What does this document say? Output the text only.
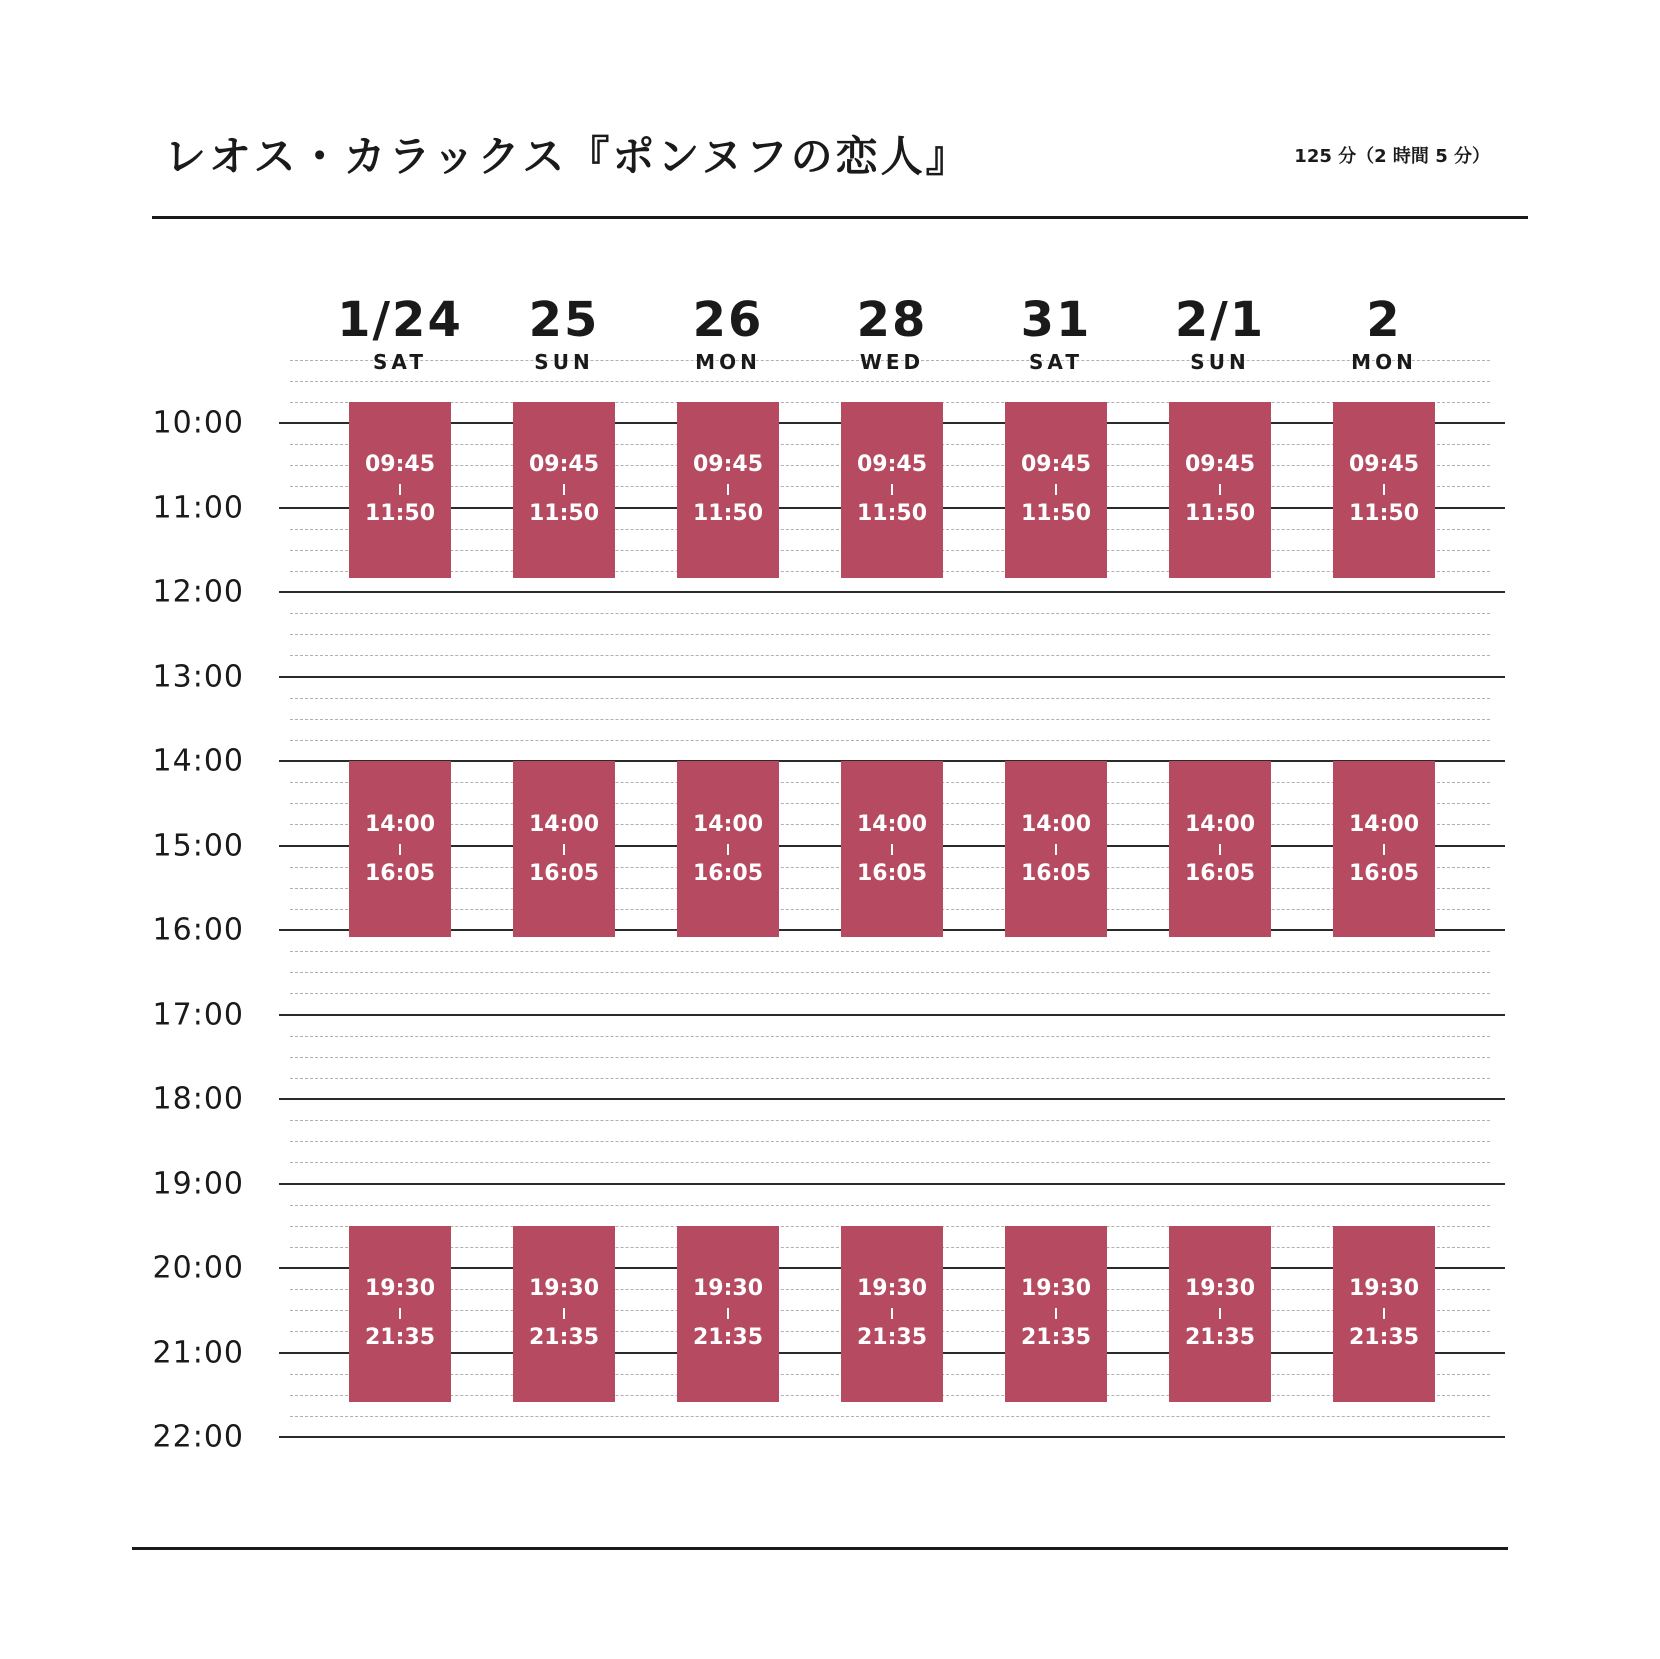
レオス・カラックス『ポンヌフの恋人』	125 分（2 時間 5 分）
10:00
11:00
12:00
13:00
14:00
15:00
16:00
17:00
18:00
19:00
20:00
21:00
22:00
1/24
SAT
09:45
11:50
14:00
16:05
19:30
21:35
25
SUN
09:45
11:50
14:00
16:05
19:30
21:35
26
MON
09:45
11:50
14:00
16:05
19:30
21:35
28
WED
09:45
11:50
14:00
16:05
19:30
21:35
31
SAT
09:45
11:50
14:00
16:05
19:30
21:35
2/1
SUN
09:45
11:50
14:00
16:05
19:30
21:35
2
MON
09:45
11:50
14:00
16:05
19:30
21:35
